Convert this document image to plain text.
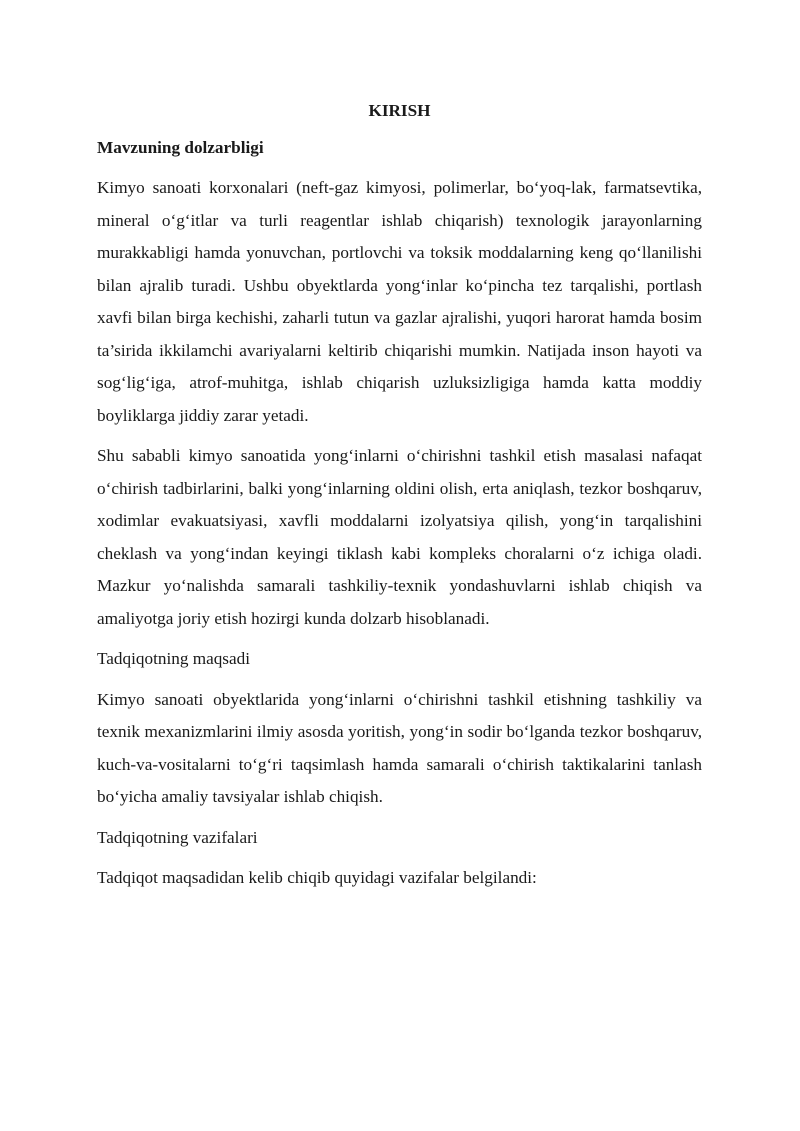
KIRISH
Mavzuning dolzarbligi

Kimyo sanoati korxonalari (neft-gaz kimyosi, polimerlar, bo‘yoq-lak, farmatsevtika, mineral o‘g‘itlar va turli reagentlar ishlab chiqarish) texnologik jarayonlarning murakkabligi hamda yonuvchan, portlovchi va toksik moddalarning keng qo‘llanilishi bilan ajralib turadi. Ushbu obyektlarda yong‘inlar ko‘pincha tez tarqalishi, portlash xavfi bilan birga kechishi, zaharli tutun va gazlar ajralishi, yuqori harorat hamda bosim ta’sirida ikkilamchi avariyalarni keltirib chiqarishi mumkin. Natijada inson hayoti va sog‘lig‘iga, atrof-muhitga, ishlab chiqarish uzluksizligiga hamda katta moddiy boyliklarga jiddiy zarar yetadi.

Shu sababli kimyo sanoatida yong‘inlarni o‘chirishni tashkil etish masalasi nafaqat o‘chirish tadbirlarini, balki yong‘inlarning oldini olish, erta aniqlash, tezkor boshqaruv, xodimlar evakuatsiyasi, xavfli moddalarni izolyatsiya qilish, yong‘in tarqalishini cheklash va yong‘indan keyingi tiklash kabi kompleks choralarni o‘z ichiga oladi. Mazkur yo‘nalishda samarali tashkiliy-texnik yondashuvlarni ishlab chiqish va amaliyotga joriy etish hozirgi kunda dolzarb hisoblanadi.

Tadqiqotning maqsadi

Kimyo sanoati obyektlarida yong‘inlarni o‘chirishni tashkil etishning tashkiliy va texnik mexanizmlarini ilmiy asosda yoritish, yong‘in sodir bo‘lganda tezkor boshqaruv, kuch-va-vositalarni to‘g‘ri taqsimlash hamda samarali o‘chirish taktikalarini tanlash bo‘yicha amaliy tavsiyalar ishlab chiqish.

Tadqiqotning vazifalari

Tadqiqot maqsadidan kelib chiqib quyidagi vazifalar belgilandi:
